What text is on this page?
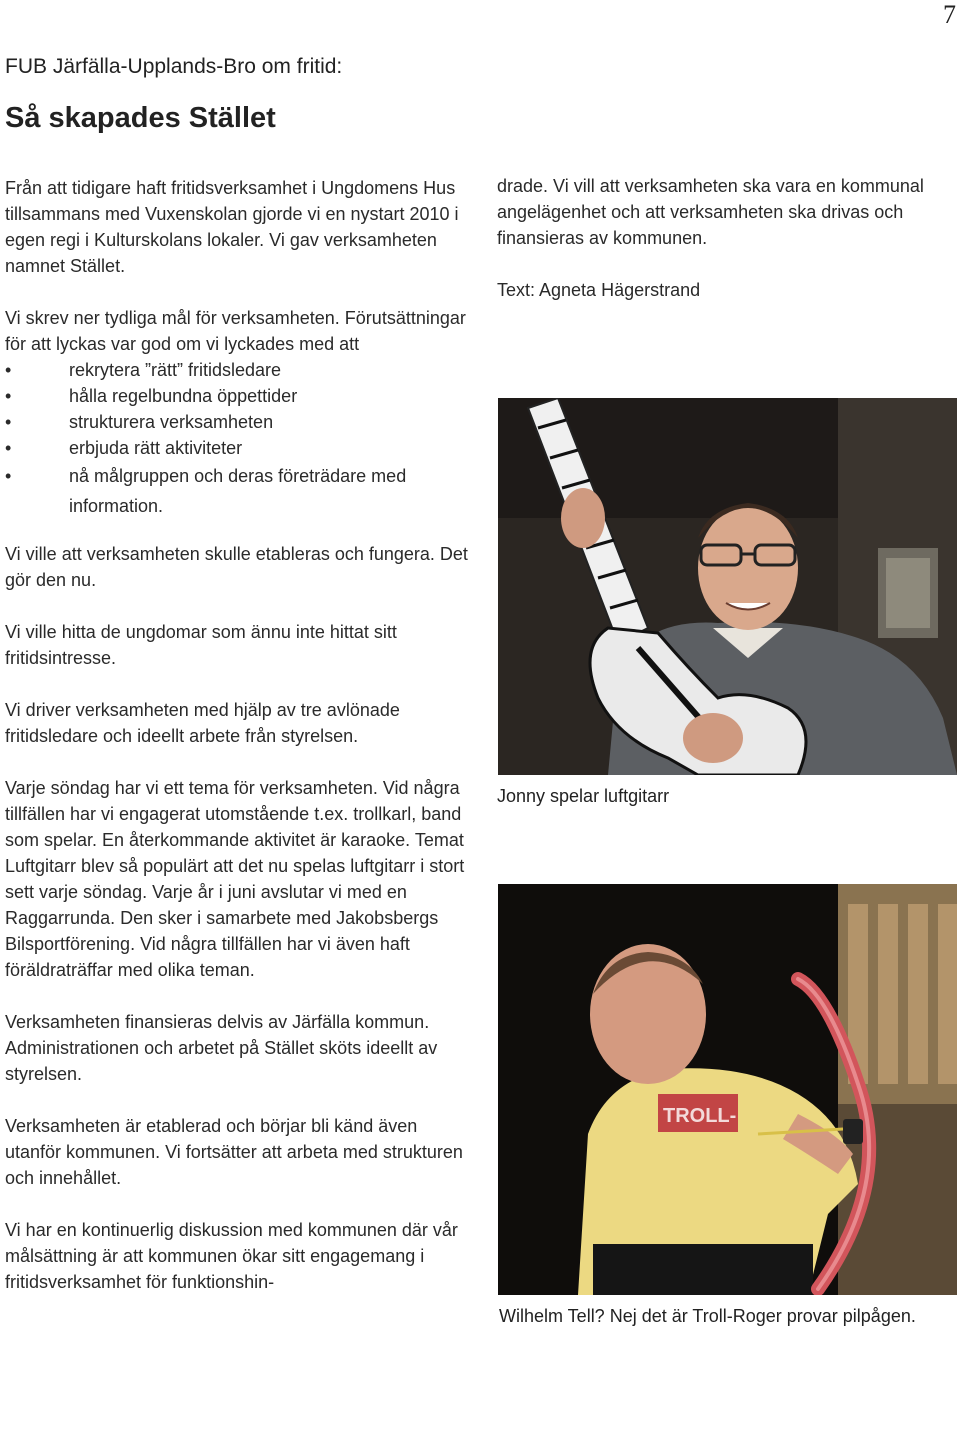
7
FUB Järfälla-Upplands-Bro om fritid:
Så skapades Stället

Från att tidigare haft fritidsverksamhet i Ungdomens Hus tillsammans med Vuxenskolan gjorde vi en nystart 2010 i egen regi i Kulturskolans lokaler. Vi gav verksamheten namnet Stället.

Vi skrev ner tydliga mål för verksamheten. Förutsättningar för att lyckas var god om vi lyckades med att

• rekrytera ”rätt” fritidsledare
• hålla regelbundna öppettider
• strukturera verksamheten
• erbjuda rätt aktiviteter
• nå målgruppen och deras företrädare med information.

Vi ville att verksamheten skulle etableras och fungera. Det gör den nu.

Vi ville hitta de ungdomar som ännu inte hittat sitt fritidsintresse.

Vi driver verksamheten med hjälp av tre avlönade fritidsledare och ideellt arbete från styrelsen.

Varje söndag har vi ett tema för verksamheten. Vid några tillfällen har vi engagerat utomstående t.ex. trollkarl, band som spelar. En återkommande aktivitet är karaoke. Temat Luftgitarr blev så populärt att det nu spelas luftgitarr i stort sett varje söndag. Varje år i juni avslutar vi med en Raggarrunda. Den sker i samarbete med Jakobsbergs Bilsportförening. Vid några tillfällen har vi även haft föräldraträffar med olika teman.

Verksamheten finansieras delvis av Järfälla kommun. Administrationen och arbetet på Stället sköts ideellt av styrelsen.

Verksamheten är etablerad och börjar bli känd även utanför kommunen. Vi fortsätter att arbeta med strukturen och innehållet.

Vi har en kontinuerlig diskussion med kommunen där vår målsättning är att kommunen ökar sitt engagemang i fritidsverksamhet för funktionshin-

drade. Vi vill att verksamheten ska vara en kommunal angelägenhet och att verksamheten ska drivas och finansieras av kommunen.

Text: Agneta Hägerstrand

Jonny spelar luftgitarr
TROLL-
Wilhelm Tell? Nej det är Troll-Roger provar pilpågen.
